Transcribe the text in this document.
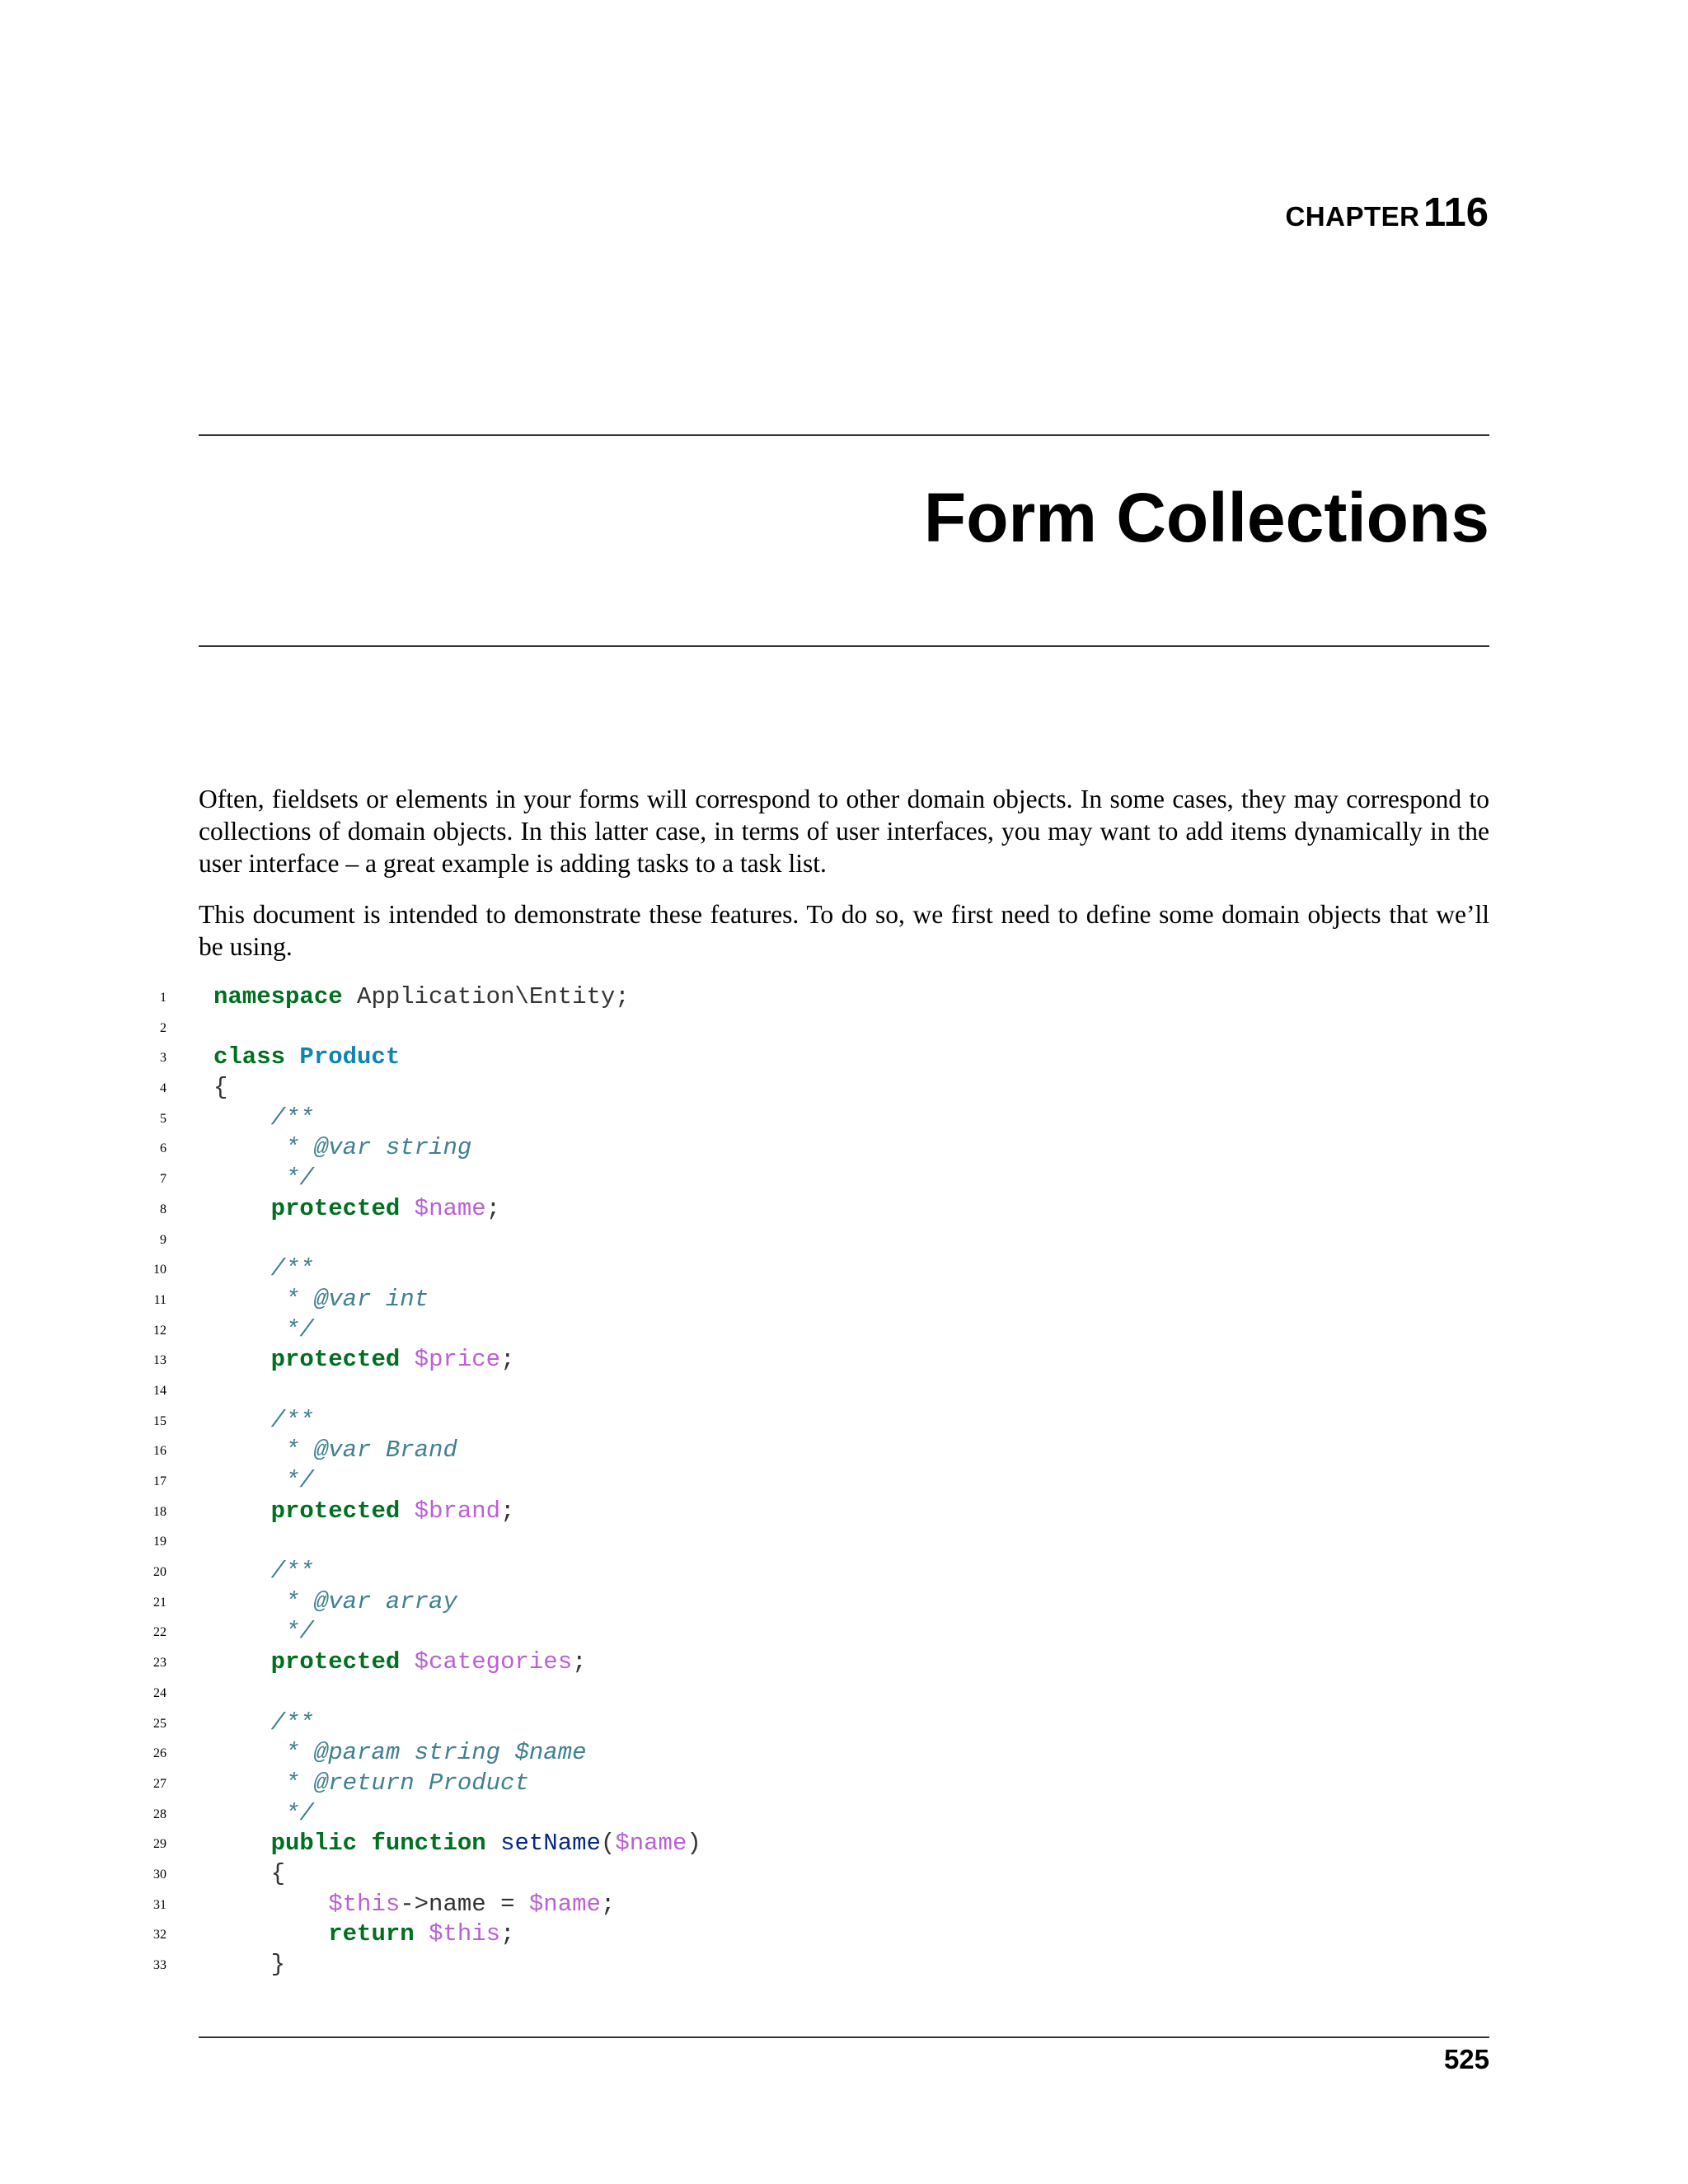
CHAPTER 116
Form Collections

Often, fieldsets or elements in your forms will correspond to other domain objects. In some cases, they may correspond to collections of domain objects. In this latter case, in terms of user interfaces, you may want to add items dynamically in the user interface – a great example is adding tasks to a task list.

This document is intended to demonstrate these features. To do so, we first need to define some domain objects that we’ll be using.

1 namespace Application\Entity;
2
3 class Product
4 {
5 /**
6 * @var string
7 */
8	protected $name;
9
10 /**
11 * @var int
12 */
13	protected $price;
14
15 /**
16 * @var Brand
17 */
18	protected $brand;
19
20 /**
21 * @var array
22 */
23	protected $categories;
24
25 /**
26 * @param string $name
27 * @return Product
28 */
29	public function setName($name)
30 {
31	$this->name = $name;
32	return $this;
33 }
525
